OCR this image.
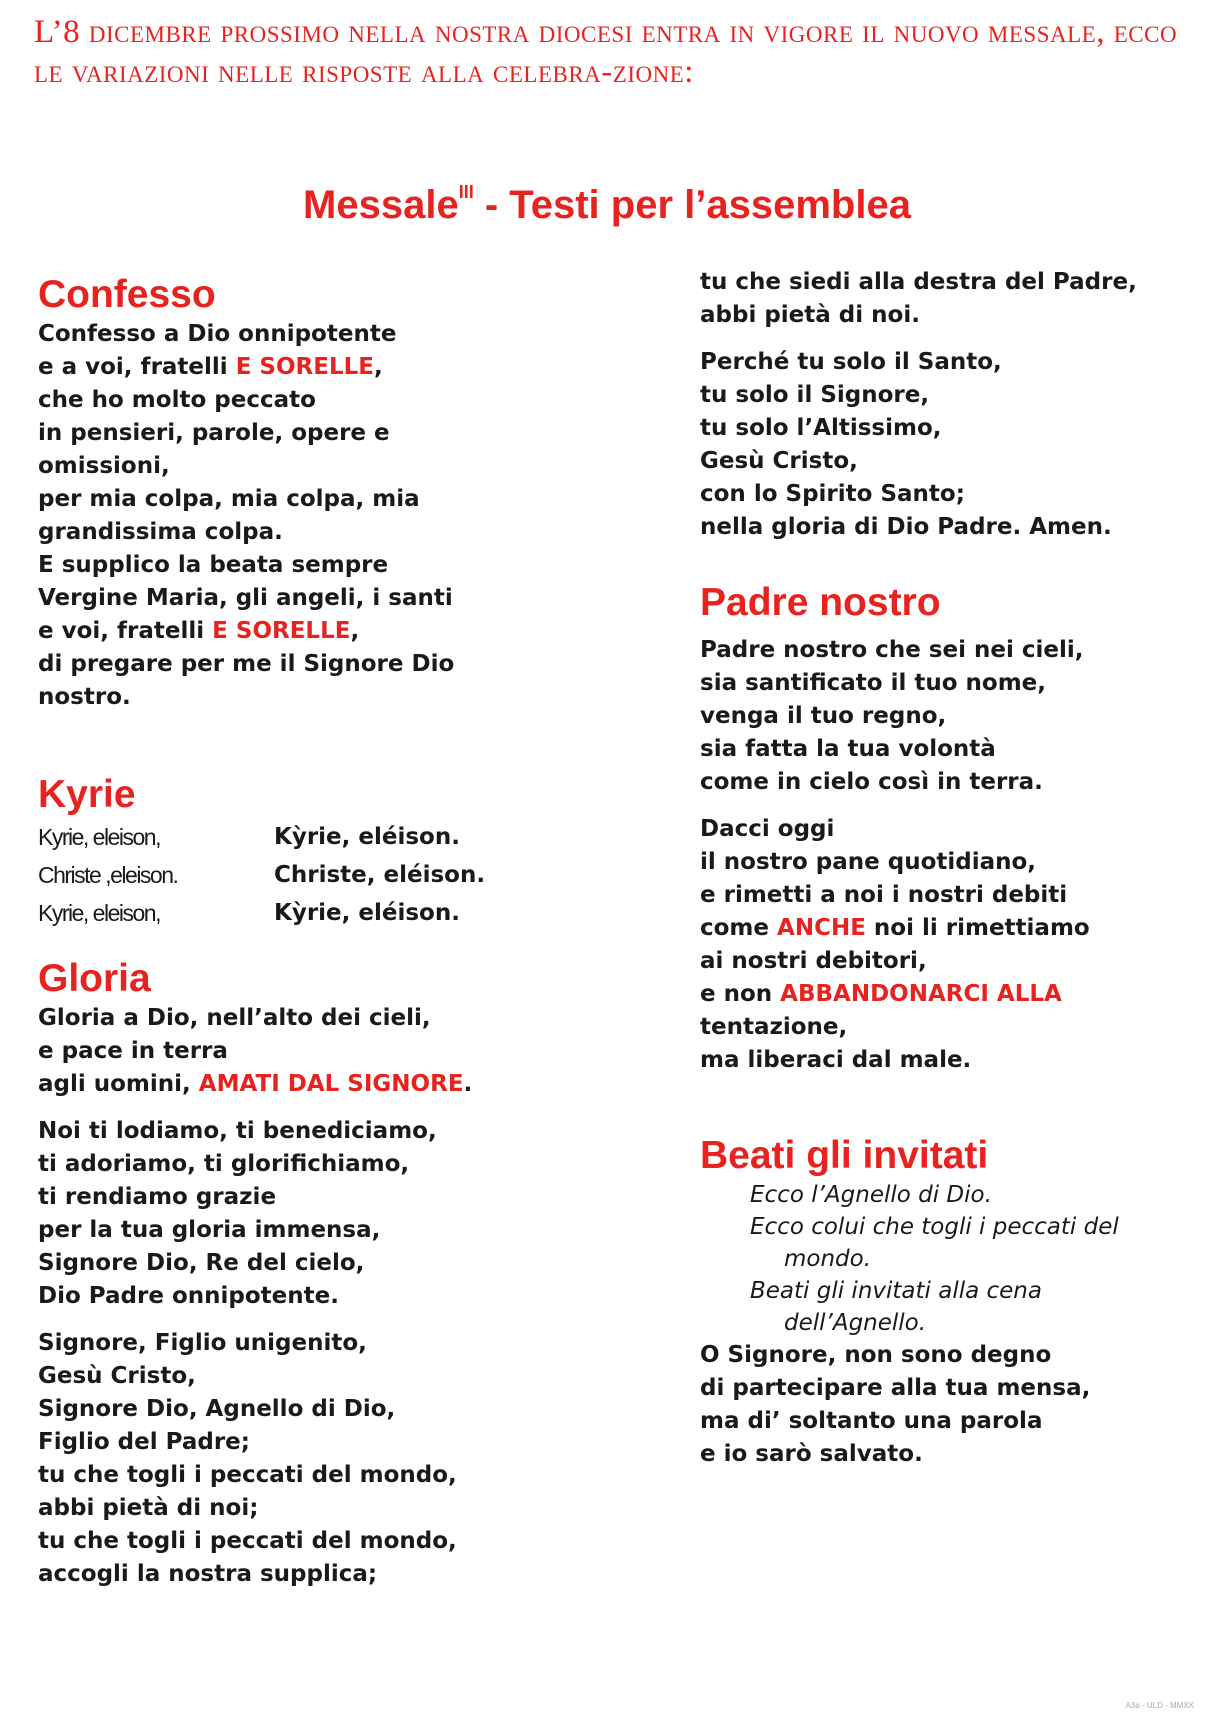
L’8 dicembre prossimo nella nostra diocesi entra in vigore il nuovo messale, ecco le variazioni nelle risposte alla celebra-zione:
Messale$^{III}$ - Testi per l’assemblea
Confesso
Confesso a Dio onnipotente
e a voi, fratelli E SORELLE,
che ho molto peccato
in pensieri, parole, opere e
omissioni,
per mia colpa, mia colpa, mia
grandissima colpa.
E supplico la beata sempre
Vergine Maria, gli angeli, i santi
e voi, fratelli E SORELLE,
di pregare per me il Signore Dio
nostro.
Kyrie
Kyrie, eleison,	Kỳrie, eléison.
Christe ,eleison.	Christe, eléison.
Kyrie, eleison,	Kỳrie, eléison.
Gloria
Gloria a Dio, nell’alto dei cieli,
e pace in terra
agli uomini, AMATI DAL SIGNORE.
Noi ti lodiamo, ti benediciamo,
ti adoriamo, ti glorifichiamo,
ti rendiamo grazie
per la tua gloria immensa,
Signore Dio, Re del cielo,
Dio Padre onnipotente.
Signore, Figlio unigenito,
Gesù Cristo,
Signore Dio, Agnello di Dio,
Figlio del Padre;
tu che togli i peccati del mondo,
abbi pietà di noi;
tu che togli i peccati del mondo,
accogli la nostra supplica;
tu che siedi alla destra del Padre,
abbi pietà di noi.
Perché tu solo il Santo,
tu solo il Signore,
tu solo l’Altissimo,
Gesù Cristo,
con lo Spirito Santo;
nella gloria di Dio Padre. Amen.
Padre nostro
Padre nostro che sei nei cieli,
sia santificato il tuo nome,
venga il tuo regno,
sia fatta la tua volontà
come in cielo così in terra.
Dacci oggi
il nostro pane quotidiano,
e rimetti a noi i nostri debiti
come ANCHE noi li rimettiamo
ai nostri debitori,
e non ABBANDONARCI ALLA
tentazione,
ma liberaci dal male.
Beati gli invitati
Ecco l’Agnello di Dio.
Ecco colui che togli i peccati del
mondo.
Beati gli invitati alla cena
dell’Agnello.
O Signore, non sono degno
di partecipare alla tua mensa,
ma di’ soltanto una parola
e io sarò salvato.
A3a - ULD - MMXX
